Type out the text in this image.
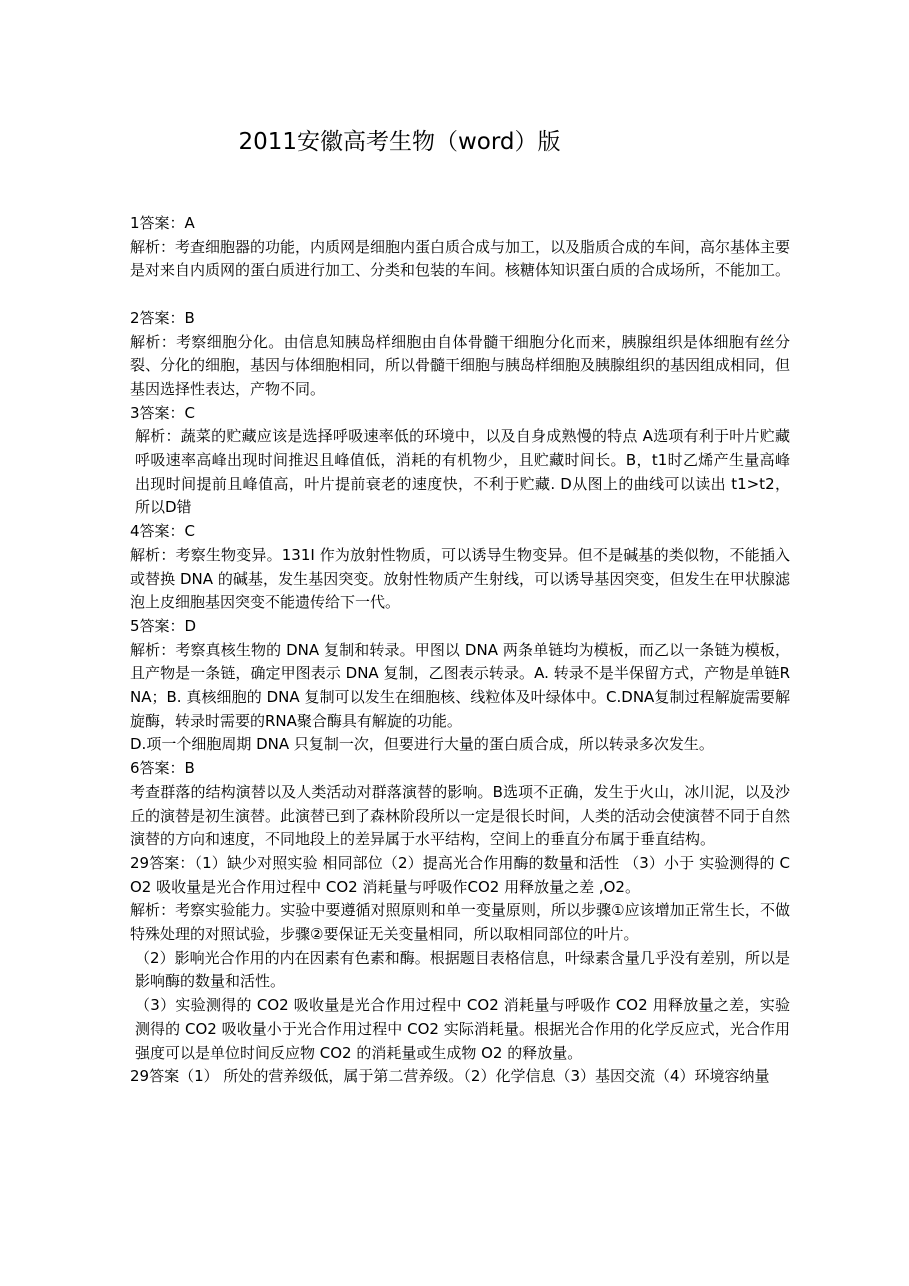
2011安徽高考生物（word）版

1答案：A

解析：考查细胞器的功能，内质网是细胞内蛋白质合成与加工，以及脂质合成的车间，高尔基体主要是对来自内质网的蛋白质进行加工、分类和包装的车间。核糖体知识蛋白质的合成场所，不能加工。

2答案：B

解析：考察细胞分化。由信息知胰岛样细胞由自体骨髓干细胞分化而来，胰腺组织是体细胞有丝分裂、分化的细胞，基因与体细胞相同，所以骨髓干细胞与胰岛样细胞及胰腺组织的基因组成相同，但基因选择性表达，产物不同。

3答案：C

解析：蔬菜的贮藏应该是选择呼吸速率低的环境中，以及自身成熟慢的特点 A选项有利于叶片贮藏呼吸速率高峰出现时间推迟且峰值低，消耗的有机物少，且贮藏时间长。B，t1时乙烯产生量高峰出现时间提前且峰值高，叶片提前衰老的速度快，不利于贮藏. D从图上的曲线可以读出 t1>t2， 所以D错

4答案：C

解析：考察生物变异。131I 作为放射性物质，可以诱导生物变异。但不是碱基的类似物，不能插入或替换 DNA 的碱基，发生基因突变。放射性物质产生射线，可以诱导基因突变，但发生在甲状腺滤泡上皮细胞基因突变不能遗传给下一代。

5答案：D

解析：考察真核生物的 DNA 复制和转录。甲图以 DNA 两条单链均为模板，而乙以一条链为模板，且产物是一条链，确定甲图表示 DNA 复制，乙图表示转录。A. 转录不是半保留方式，产物是单链RNA；B. 真核细胞的 DNA 复制可以发生在细胞核、线粒体及叶绿体中。C.DNA复制过程解旋需要解旋酶，转录时需要的RNA聚合酶具有解旋的功能。

D.项一个细胞周期 DNA 只复制一次，但要进行大量的蛋白质合成，所以转录多次发生。

6答案：B

考查群落的结构演替以及人类活动对群落演替的影响。B选项不正确，发生于火山，冰川泥，以及沙丘的演替是初生演替。此演替已到了森林阶段所以一定是很长时间，人类的活动会使演替不同于自然演替的方向和速度，不同地段上的差异属于水平结构，空间上的垂直分布属于垂直结构。

29答案：（1）缺少对照实验 相同部位（2）提高光合作用酶的数量和活性 （3）小于 实验测得的 CO2 吸收量是光合作用过程中 CO2 消耗量与呼吸作CO2 用释放量之差 ,O2。

解析：考察实验能力。实验中要遵循对照原则和单一变量原则，所以步骤①应该增加正常生长，不做特殊处理的对照试验，步骤②要保证无关变量相同，所以取相同部位的叶片。

（2）影响光合作用的内在因素有色素和酶。根据题目表格信息，叶绿素含量几乎没有差别，所以是影响酶的数量和活性。

（3）实验测得的 CO2 吸收量是光合作用过程中 CO2 消耗量与呼吸作 CO2 用释放量之差，实验测得的 CO2 吸收量小于光合作用过程中 CO2 实际消耗量。根据光合作用的化学反应式，光合作用强度可以是单位时间反应物 CO2 的消耗量或生成物 O2 的释放量。

29答案（1） 所处的营养级低，属于第二营养级。（2）化学信息（3）基因交流（4）环境容纳量
